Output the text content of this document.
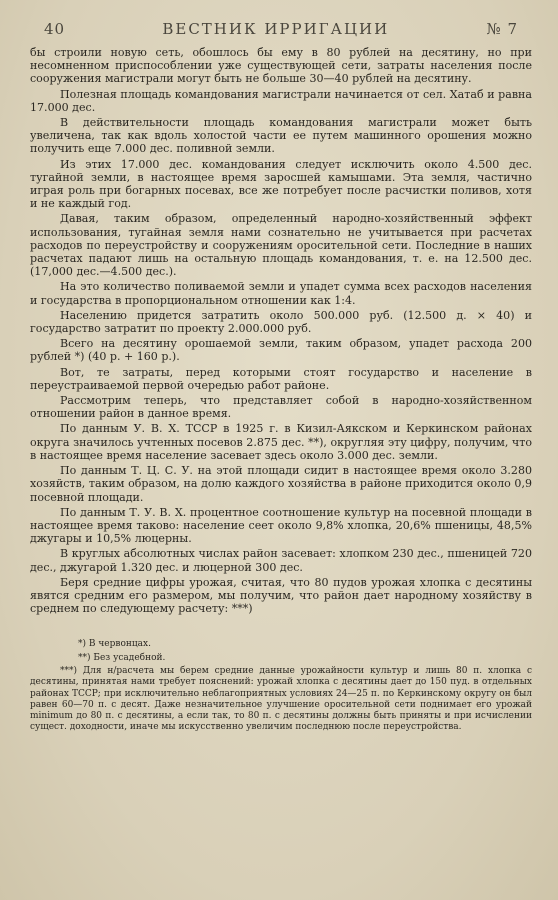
40	ВЕСТНИК ИРРИГАЦИИ	№ 7

бы строили новую сеть, обошлось бы ему в 80 рублей на десятину, но при несомненном приспособлении уже существующей сети, затраты населения после сооружения магистрали могут быть не больше 30—40 рублей на десятину.

Полезная площадь командования магистрали начинается от сел. Хатаб и равна 17.000 дес.

В действительности площадь командования магистрали может быть увеличена, так как вдоль холостой части ее путем машинного орошения можно получить еще 7.000 дес. поливной земли.

Из этих 17.000 дес. командования следует исключить около 4.500 дес. тугайной земли, в настоящее время заросшей камышами. Эта земля, частично играя роль при богарных посевах, все же потребует после расчистки поливов, хотя и не каждый год.

Давая, таким образом, определенный народно-хозяйственный эффект использования, тугайная земля нами сознательно не учитывается при расчетах расходов по переустройству и сооружениям оросительной сети. Последние в наших расчетах падают лишь на остальную площадь командования, т. е. на 12.500 дес. (17,000 дес.—4.500 дес.).

На это количество поливаемой земли и упадет сумма всех расходов населения и государства в пропорциональном отношении как 1:4.

Населению придется затратить около 500.000 руб. (12.500 д. × 40) и государство затратит по проекту 2.000.000 руб.

Всего на десятину орошаемой земли, таким образом, упадет расхода 200 рублей *) (40 р. + 160 р.).

Вот, те затраты, перед которыми стоят государство и население в переустраиваемой первой очередью работ районе.

Рассмотрим теперь, что представляет собой в народно-хозяйственном отношении район в данное время.

По данным У. В. Х. ТССР в 1925 г. в Кизил-Аякском и Керкинском районах округа значилось учтенных посевов 2.875 дес. **), округляя эту цифру, получим, что в настоящее время население засевает здесь около 3.000 дес. земли.

По данным Т. Ц. С. У. на этой площади сидит в настоящее время около 3.280 хозяйств, таким образом, на долю каждого хозяйства в районе приходится около 0,9 посевной площади.

По данным Т. У. В. Х. процентное соотношение культур на посевной площади в настоящее время таково: население сеет около 9,8% хлопка, 20,6% пшеницы, 48,5% джугары и 10,5% люцерны.

В круглых абсолютных числах район засевает: хлопком 230 дес., пшеницей 720 дес., джугарой 1.320 дес. и люцерной 300 дес.

Беря средние цифры урожая, считая, что 80 пудов урожая хлопка с десятины явятся средним его размером, мы получим, что район дает народному хозяйству в среднем по следующему расчету: ***)

*) В червонцах.

**) Без усадебной.

***) Для н/расчета мы берем средние данные урожайности культур и лишь 80 п. хлопка с десятины, принятая нами требует пояснений: урожай хлопка с десятины дает до 150 пуд. в отдельных районах ТССР; при исключительно неблагоприятных условиях 24—25 п. по Керкинскому округу он был равен 60—70 п. с десят. Даже незначительное улучшение оросительной сети поднимает его урожай minimum до 80 п. с десятины, а если так, то 80 п. с десятины должны быть приняты и при исчислении сущест. доходности, иначе мы искусственно увеличим последнюю после переустройства.
